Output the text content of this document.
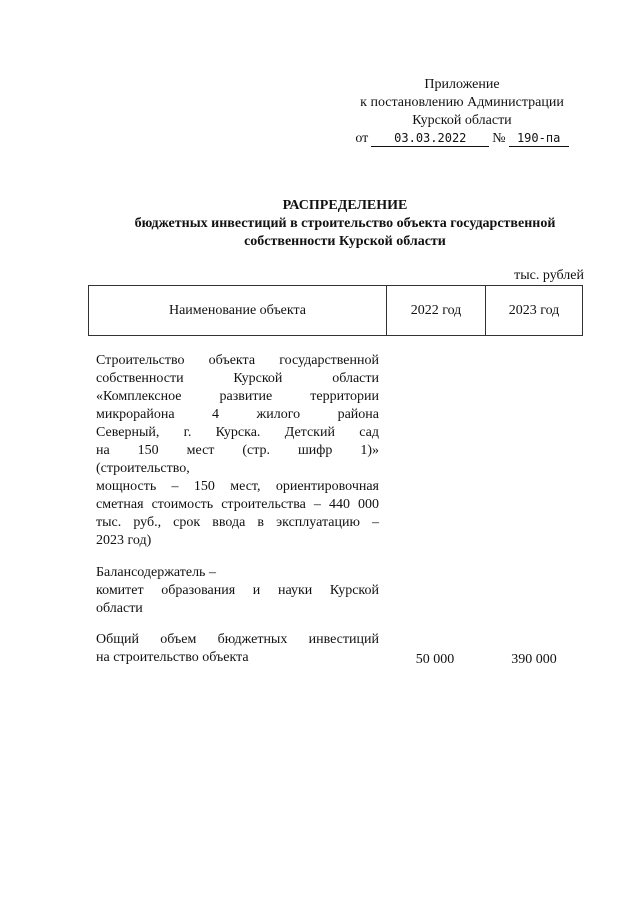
Приложение
к постановлению Администрации
Курской области
от	03.03.2022	№ 190-па
РАСПРЕДЕЛЕНИЕ
бюджетных инвестиций в строительство объекта государственной
собственности Курской области
тыс. рублей
Наименование объекта	2022 год	2023 год
Строительство объекта государственной
собственности Курской области
«Комплексное развитие территории
микрорайона 4 жилого района
Северный, г. Курска. Детский сад
на 150 мест (стр. шифр 1)»
(строительство,
мощность – 150 мест, ориентировочная
сметная стоимость строительства – 440 000
тыс. руб., срок ввода в эксплуатацию –
2023 год)
Балансодержатель –
комитет образования и науки Курской
области
Общий объем бюджетных инвестиций
на строительство объекта	50 000	390 000
